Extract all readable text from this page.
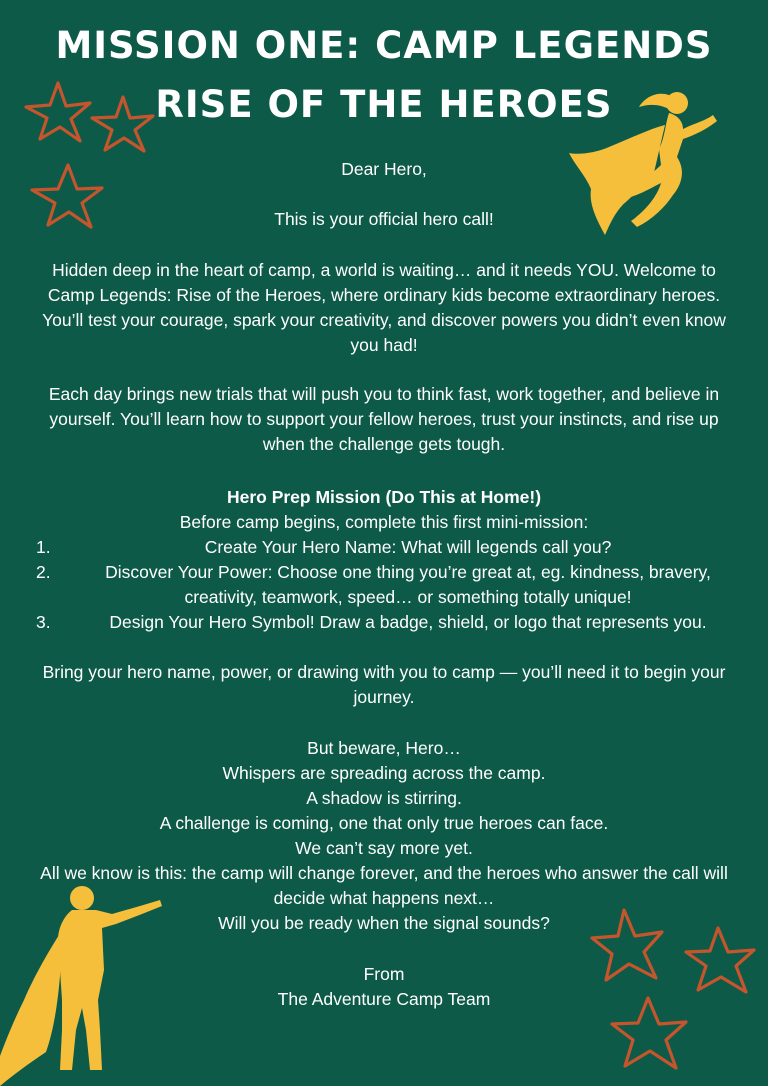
MISSION ONE: CAMP LEGENDS
RISE OF THE HEROES

Dear Hero,

This is your official hero call!

Hidden deep in the heart of camp, a world is waiting… and it needs YOU. Welcome to Camp Legends: Rise of the Heroes, where ordinary kids become extraordinary heroes. You’ll test your courage, spark your creativity, and discover powers you didn’t even know you had!

Each day brings new trials that will push you to think fast, work together, and believe in yourself. You’ll learn how to support your fellow heroes, trust your instincts, and rise up when the challenge gets tough.

Hero Prep Mission (Do This at Home!)

Before camp begins, complete this first mini-mission:

1.	Create Your Hero Name: What will legends call you?
2.	Discover Your Power: Choose one thing you’re great at, eg. kindness, bravery, creativity, teamwork, speed… or something totally unique!
3.	Design Your Hero Symbol! Draw a badge, shield, or logo that represents you.

Bring your hero name, power, or drawing with you to camp — you’ll need it to begin your journey.

But beware, Hero…

Whispers are spreading across the camp.

A shadow is stirring.

A challenge is coming, one that only true heroes can face.

We can’t say more yet.

All we know is this: the camp will change forever, and the heroes who answer the call will decide what happens next…

Will you be ready when the signal sounds?

From

The Adventure Camp Team
